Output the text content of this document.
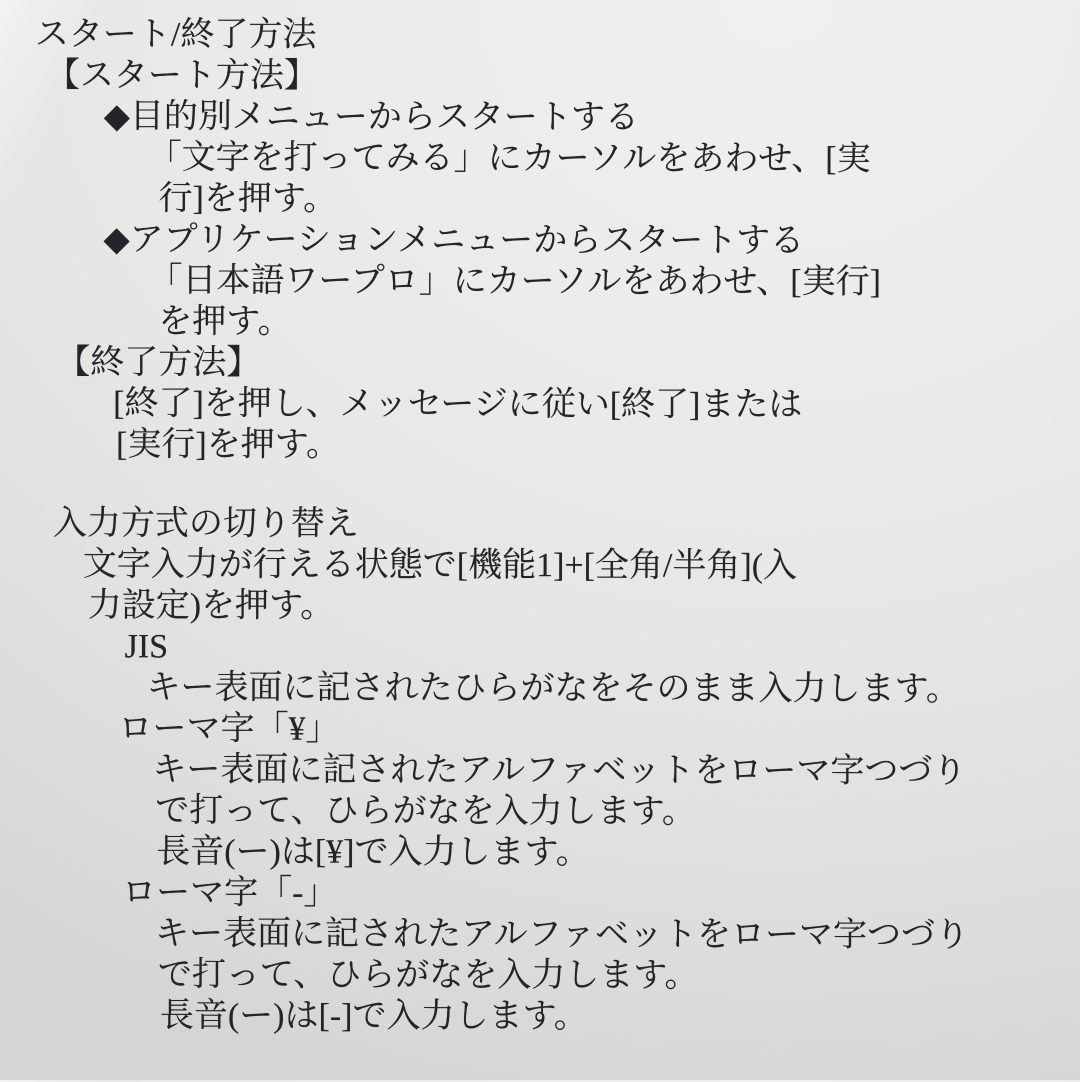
スタート/終了方法
【スタート方法】
◆目的別メニューからスタートする
「文字を打ってみる」にカーソルをあわせ、[実
行]を押す。
◆アプリケーションメニューからスタートする
「日本語ワープロ」にカーソルをあわせ、[実行]
を押す。
【終了方法】
[終了]を押し、メッセージに従い[終了]または
[実行]を押す。
入力方式の切り替え
文字入力が行える状態で[機能1]+[全角/半角](入
力設定)を押す。
JIS
キー表面に記されたひらがなをそのまま入力します。
ローマ字「¥」
キー表面に記されたアルファベットをローマ字つづり
で打って、ひらがなを入力します。
長音(ー)は[¥]で入力します。
ローマ字「-」
キー表面に記されたアルファベットをローマ字つづり
で打って、ひらがなを入力します。
長音(ー)は[-]で入力します。
